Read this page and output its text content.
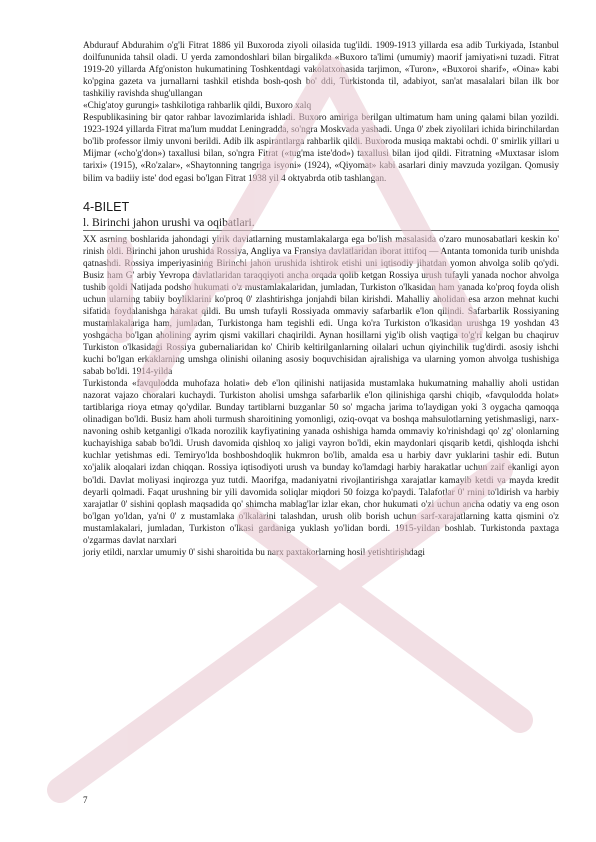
Abdurauf Abdurahim o'g'li Fitrat 1886 yil Buxoroda ziyoli oilasida tug'ildi. 1909-1913 yillarda esa adib Turkiyada, Istanbul doilfununida tahsil oladi. U yerda zamondoshlari bilan birgalikda «Buxoro ta'limi (umumiy) maorif jamiyati»ni tuzadi. Fitrat 1919-20 yillarda Afg'oniston hukumatining Toshkentdagi vakolatxonasida tarjimon, «Turon», «Buxoroi sharif», «Oina» kabi ko'pgina gazeta va jurnallarni tashkil etishda bosh-qosh bo' ddi, Turkistonda til, adabiyot, san'at masalalari bilan ilk bor tashkiliy ravishda shug'ullangan

«Chig'atoy gurungi» tashkilotiga rahbarlik qildi, Buxoro xalq

Respublikasining bir qator rahbar lavozimlarida ishladi. Buxoro amiriga berilgan ultimatum ham uning qalami bilan yozildi. 1923-1924 yillarda Fitrat ma'lum muddat Leningradda, so'ngra Moskvada yashadi. Unga 0' zbek ziyolilari ichida birinchilardan bo'lib professor ilmiy unvoni berildi. Adib ilk aspirantlarga rahbarlik qildi. Buxoroda musiqa maktabi ochdi. 0' smirlik yillari u Mijmar («cho'g'don») taxallusi bilan, so'ngra Fitrat («tug'ma iste'dod») taxallusi bilan ijod qildi. Fitratning «Muxtasar islom tarixi» (1915), «Ro'zalar», «Shaytonning tangriga isyoni» (1924), «Qiyomat» kabi asarlari diniy mavzuda yozilgan. Qomusiy bilim va badiiy iste' dod egasi bo'lgan Fitrat 1938 yil 4 oktyabrda otib tashlangan.

4-BILET
l. Birinchi jahon urushi va oqibatlari.

XX asrning boshlarida jahondagi yirik davlatlarning mustamlakalarga ega bo'lish masalasida o'zaro munosabatlari keskin ko' rinish oldi. Birinchi jahon urushida Rossiya, Angliya va Fransiya davlatlaridan iborat ittifoq — Antanta tomonida turib unishda qatnashdi. Rossiya imperiyasining Birinchi jahon urushida ishtirok etishi uni iqtisodiy jihatdan yomon ahvolga solib qo'ydi. Busiz ham G' arbiy Yevropa davlatlaridan taraqqiyoti ancha orqada qolib ketgan Rossiya urush tufayli yanada nochor ahvolga tushib qoldi Natijada podsho hukumati o'z mustamlakalaridan, jumladan, Turkiston o'lkasidan ham yanada ko'proq foyda olish uchun ularning tabiiy boyliklarini ko'proq 0' zlashtirishga jonjahdi bilan kirishdi. Mahalliy aholidan esa arzon mehnat kuchi sifatida foydalanishga harakat qildi. Bu umsh tufayli Rossiyada ommaviy safarbarlik e'lon qilindi. Safarbarlik Rossiyaning mustamlakalariga ham, jumladan, Turkistonga ham tegishli edi. Unga ko'ra Turkiston o'lkasidan urushga 19 yoshdan 43 yoshgacha bo'lgan aholining ayrim qismi vakillari chaqirildi. Aynan hosillarni yig'ib olish vaqtiga to'g'ri kelgan bu chaqiruv Turkiston o'lkasidagi Rossiya gubernaliaridan ko' Chirib keltirilganlarning oilalari uchun qiyinchilik tug'dirdi. asosiy ishchi kuchi bo'lgan erkaklarning umshga olinishi oilaning asosiy boquvchisidan ajralishiga va ularning yomon ahvolga tushishiga sabab bo'ldi. 1914-yilda

Turkistonda «favqulodda muhofaza holati» deb e'lon qilinishi natijasida mustamlaka hukumatning mahalliy aholi ustidan nazorat vajazo choralari kuchaydi. Turkiston aholisi umshga safarbarlik e'lon qilinishiga qarshi chiqib, «favqulodda holat» tartiblariga rioya etmay qo'ydilar. Bunday tartiblarni buzganlar 50 so' mgacha jarima to'laydigan yoki 3 oygacha qamoqqa olinadigan bo'ldi. Busiz ham aholi turmush sharoitining yomonligi, oziq-ovqat va boshqa mahsulotlarning yetishmasligi, narx-navoning oshib ketganligi o'lkada norozilik kayfiyatining yanada oshishiga hamda ommaviy ko'rinishdagi qo' zg' olonlarning kuchayishiga sabab bo'ldi. Urush davomida qishloq xo jaligi vayron bo'ldi, ekin maydonlari qisqarib ketdi, qishloqda ishchi kuchlar yetishmas edi. Temiryo'lda boshboshdoqlik hukmron bo'lib, amalda esa u harbiy davr yuklarini tashir edi. Butun xo'jalik aloqalari izdan chiqqan. Rossiya iqtisodiyoti urush va bunday ko'lamdagi harbiy harakatlar uchun zaif ekanligi ayon bo'ldi. Davlat moliyasi inqirozga yuz tutdi. Maorifga, madaniyatni rivojlantirishga xarajatlar kamayib ketdi va mayda kredit deyarli qolmadi. Faqat urushning bir yili davomida soliqlar miqdori 50 foizga ko'paydi. Talafotlar 0' rnini to'ldirish va harbiy xarajatlar 0' sishini qoplash maqsadida qo' shimcha mablag'lar izlar ekan, chor hukumati o'zi uchun ancha odatiy va eng oson bo'lgan yo'ldan, ya'ni 0' z mustamlaka o'lkalarini talashdan, urush olib borish uchun sarf-xarajatlarning katta qismini o'z mustamlakalari, jumladan, Turkiston o'lkasi gardaniga yuklash yo'lidan bordi. 1915-yildan boshlab. Turkistonda paxtaga o'zgarmas davlat narxlari

joriy etildi, narxlar umumiy 0' sishi sharoitida bu narx paxtakorlarning hosil yetishtirishdagi

7
